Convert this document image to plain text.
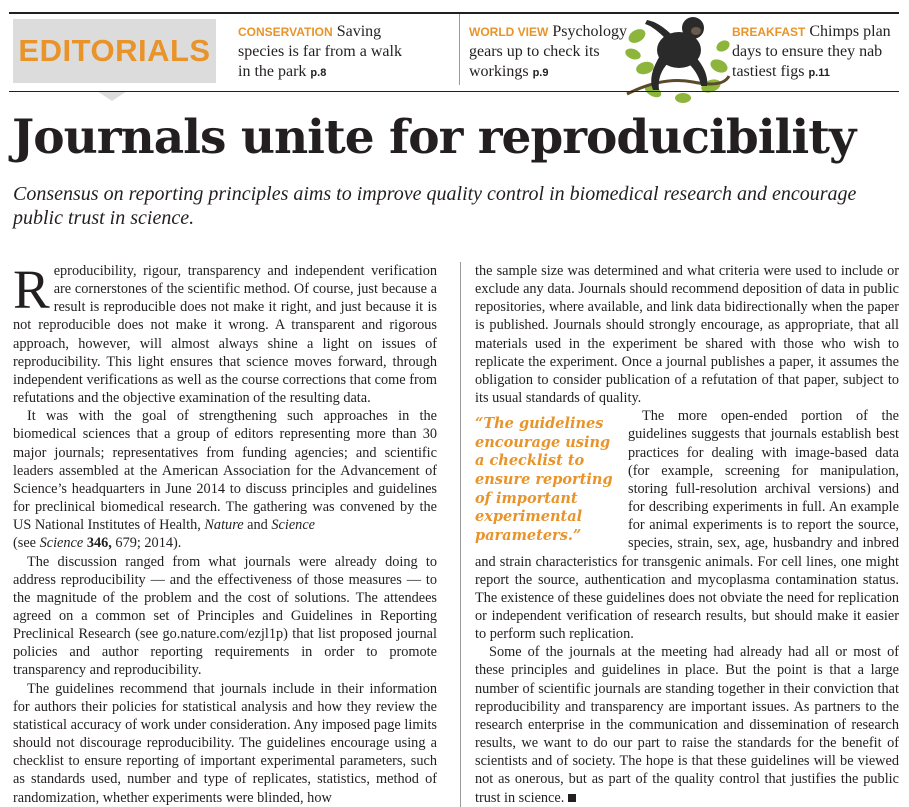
EDITORIALS
CONSERVATION Saving species is far from a walk in the park p.8
WORLD VIEW Psychology gears up to check its workings p.9
BREAKFAST Chimps plan days to ensure they nab tastiest figs p.11
Journals unite for reproducibility
Consensus on reporting principles aims to improve quality control in biomedical research and encourage public trust in science.

Reproducibility, rigour, transparency and independent verification are cornerstones of the scientific method. Of course, just because a result is reproducible does not make it right, and just because it is not reproducible does not make it wrong. A transparent and rigorous approach, however, will almost always shine a light on issues of reproducibility. This light ensures that science moves forward, through independent verifications as well as the course corrections that come from refutations and the objective examination of the resulting data.

It was with the goal of strengthening such approaches in the biomedical sciences that a group of editors representing more than 30 major journals; representatives from funding agencies; and scientific leaders assembled at the American Association for the Advancement of Science’s headquarters in June 2014 to discuss principles and guidelines for preclinical biomedical research. The gathering was convened by the US National Institutes of Health, Nature and Science
(see Science 346, 679; 2014).

The discussion ranged from what journals were already doing to address reproducibility — and the effectiveness of those measures — to the magnitude of the problem and the cost of solutions. The attendees agreed on a common set of Principles and Guidelines in Reporting Preclinical Research (see go.nature.com/ezjl1p) that list proposed journal policies and author reporting requirements in order to promote transparency and reproducibility.

The guidelines recommend that journals include in their information for authors their policies for statistical analysis and how they review the statistical accuracy of work under consideration. Any imposed page limits should not discourage reproducibility. The guidelines encourage using a checklist to ensure reporting of important experimental parameters, such as standards used, number and type of replicates, statistics, method of randomization, whether experiments were blinded, how

the sample size was determined and what criteria were used to include or exclude any data. Journals should recommend deposition of data in public repositories, where available, and link data bidirectionally when the paper is published. Journals should strongly encourage, as appropriate, that all materials used in the experiment be shared with those who wish to replicate the experiment. Once a journal publishes a paper, it assumes the obligation to consider publication of a refutation of that paper, subject to its usual standards of quality.

“The guidelines encourage using a checklist to ensure reporting of important experimental parameters.”

The more open-ended portion of the guidelines suggests that journals establish best practices for dealing with image-based data (for example, screening for manipulation, storing full-resolution archival versions) and for describing experiments in full. An example for animal experiments is to report the source, species, strain, sex, age, husbandry and inbred and strain characteristics for transgenic animals. For cell lines, one might report the source, authentication and mycoplasma contamination status. The existence of these guidelines does not obviate the need for replication or independent verification of research results, but should make it easier to perform such replication.

Some of the journals at the meeting had already had all or most of these principles and guidelines in place. But the point is that a large number of scientific journals are standing together in their conviction that reproducibility and transparency are important issues. As partners to the research enterprise in the communication and dissemination of research results, we want to do our part to raise the standards for the benefit of scientists and of society. The hope is that these guidelines will be viewed not as onerous, but as part of the quality control that justifies the public trust in science.
